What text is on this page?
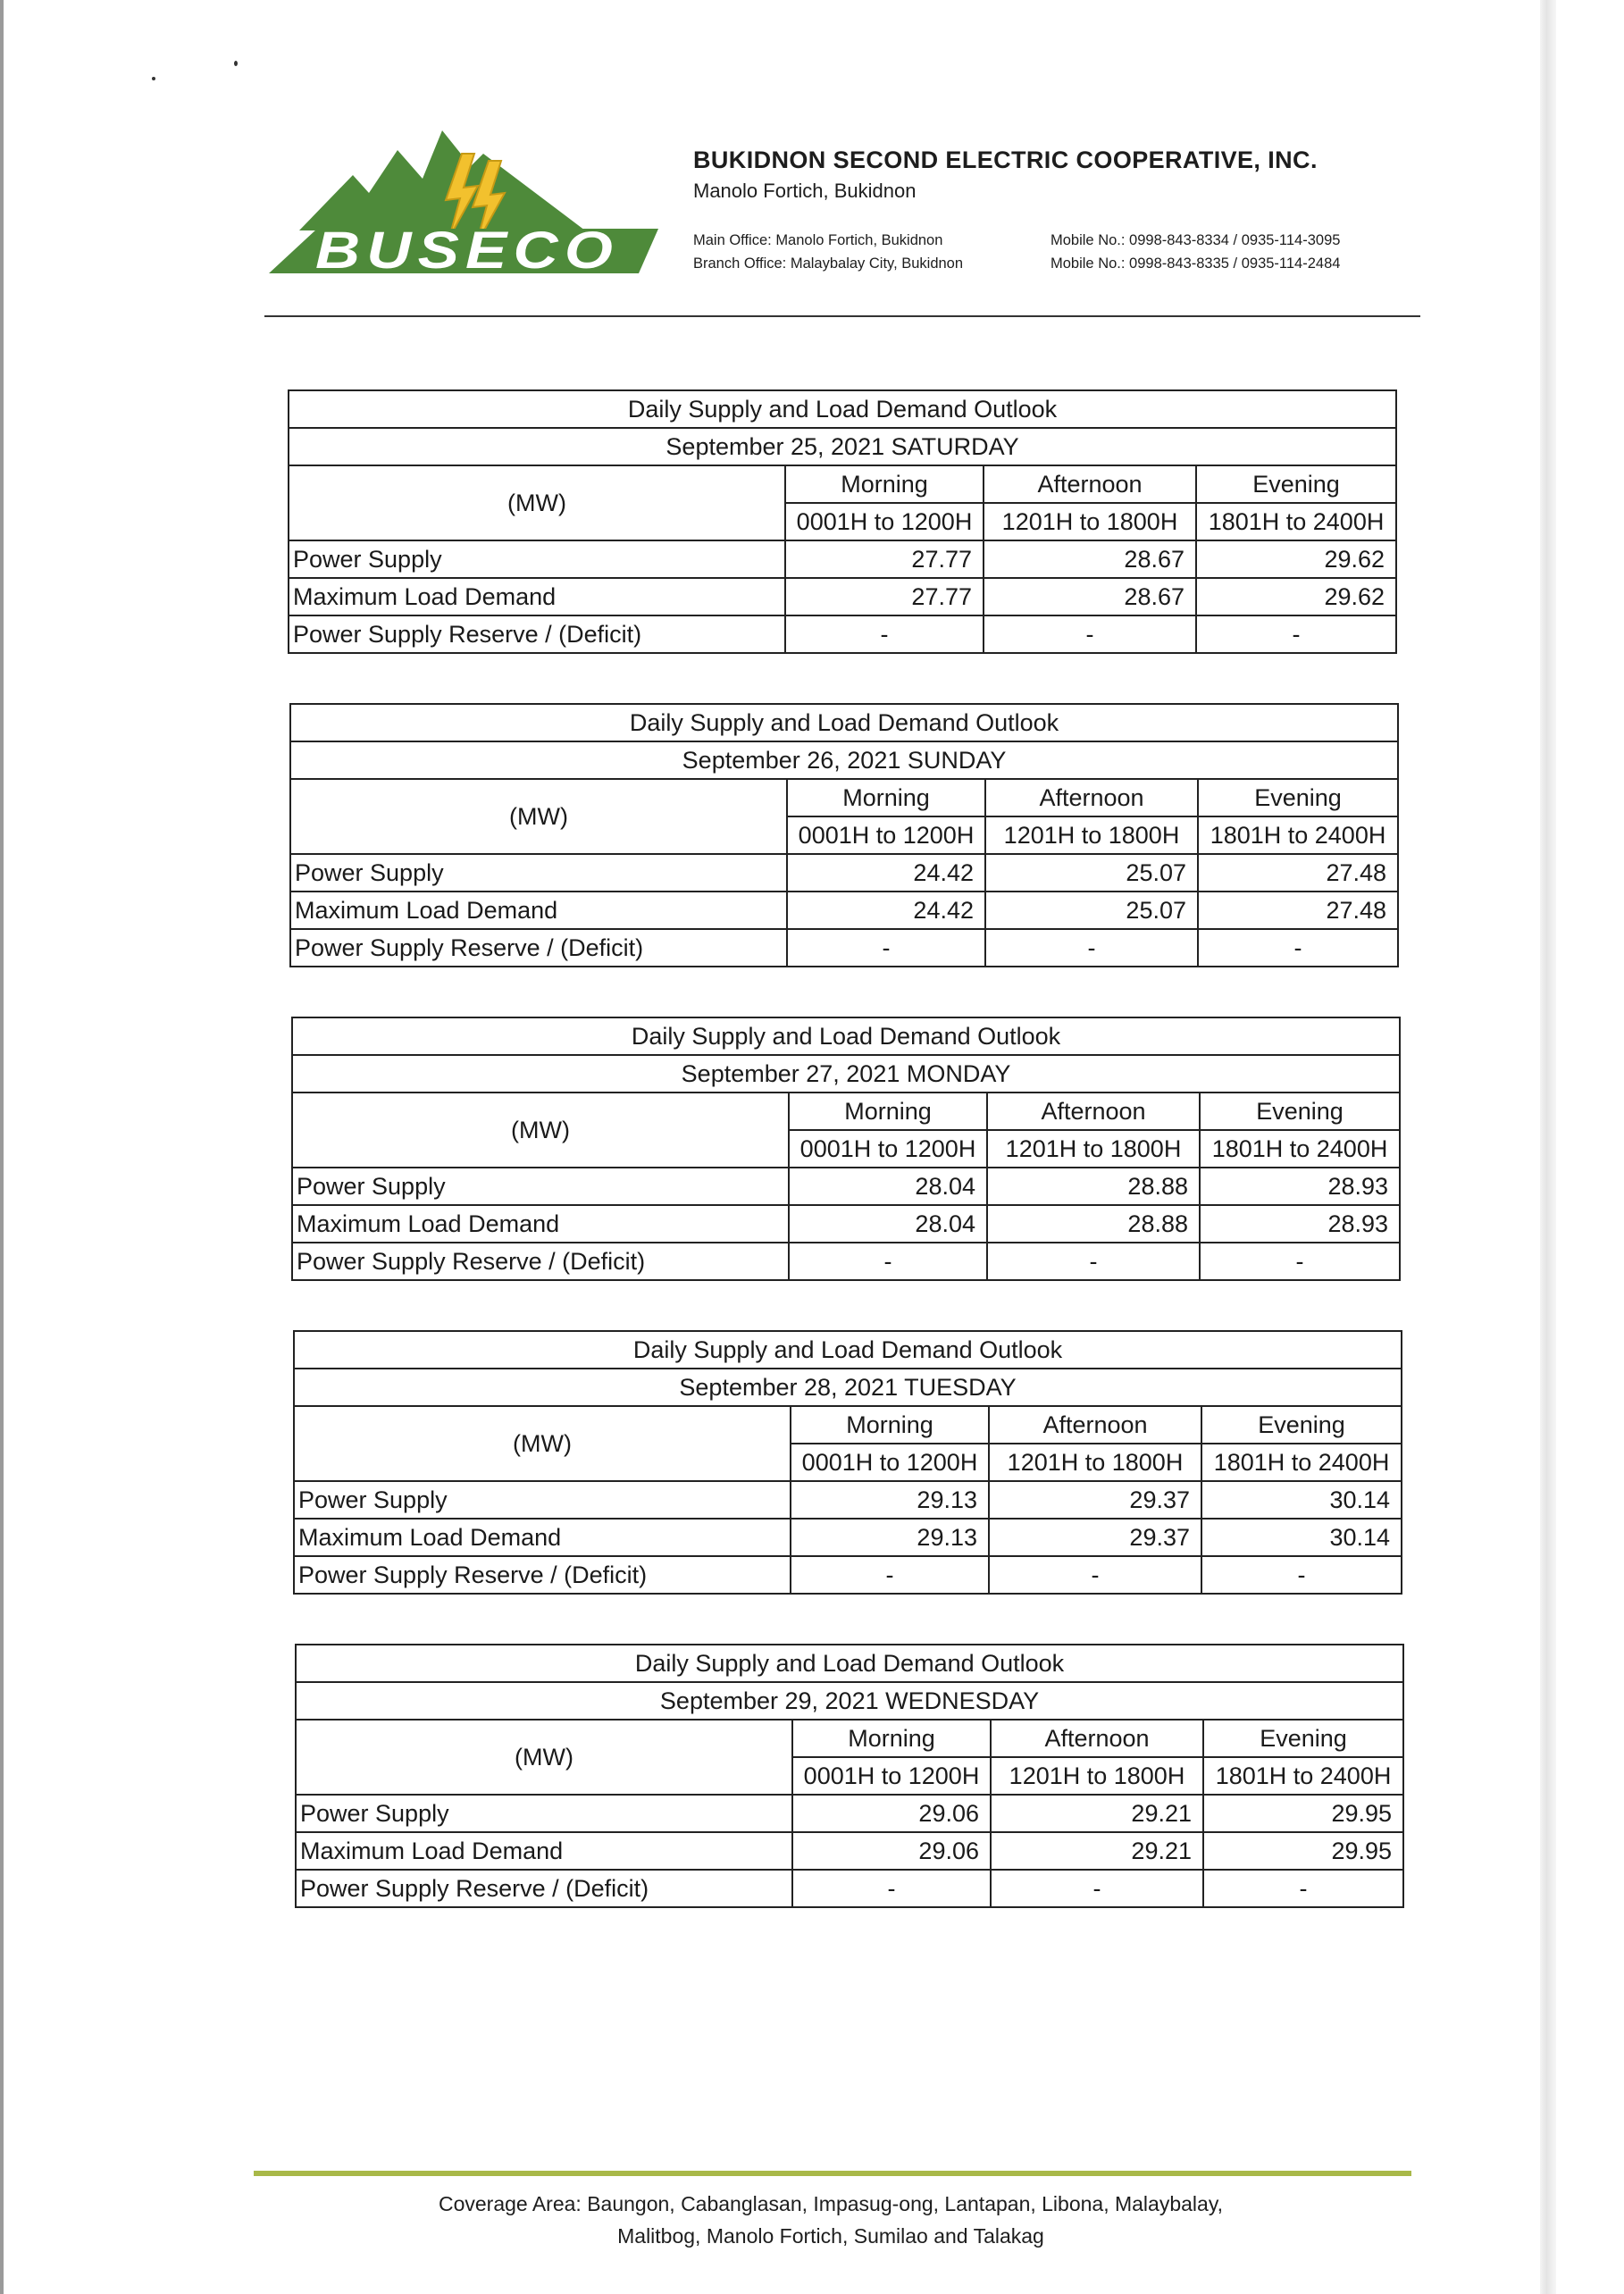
BUSECO
BUKIDNON SECOND ELECTRIC COOPERATIVE, INC.
Manolo Fortich, Bukidnon
Main Office: Manolo Fortich, Bukidnon	Mobile No.: 0998-843-8334 / 0935-114-3095
Branch Office: Malaybalay City, Bukidnon	Mobile No.: 0998-843-8335 / 0935-114-2484
Daily Supply and Load Demand Outlook			
September 25, 2021 SATURDAY			
(MW)	Morning	Afternoon	Evening
	0001H to 1200H	1201H to 1800H	1801H to 2400H
Power Supply	27.77	28.67	29.62
Maximum Load Demand	27.77	28.67	29.62
Power Supply Reserve / (Deficit)	-	-	-
Daily Supply and Load Demand Outlook			
September 26, 2021 SUNDAY			
(MW)	Morning	Afternoon	Evening
	0001H to 1200H	1201H to 1800H	1801H to 2400H
Power Supply	24.42	25.07	27.48
Maximum Load Demand	24.42	25.07	27.48
Power Supply Reserve / (Deficit)	-	-	-
Daily Supply and Load Demand Outlook			
September 27, 2021 MONDAY			
(MW)	Morning	Afternoon	Evening
	0001H to 1200H	1201H to 1800H	1801H to 2400H
Power Supply	28.04	28.88	28.93
Maximum Load Demand	28.04	28.88	28.93
Power Supply Reserve / (Deficit)	-	-	-
Daily Supply and Load Demand Outlook			
September 28, 2021 TUESDAY			
(MW)	Morning	Afternoon	Evening
	0001H to 1200H	1201H to 1800H	1801H to 2400H
Power Supply	29.13	29.37	30.14
Maximum Load Demand	29.13	29.37	30.14
Power Supply Reserve / (Deficit)	-	-	-
Daily Supply and Load Demand Outlook			
September 29, 2021 WEDNESDAY			
(MW)	Morning	Afternoon	Evening
	0001H to 1200H	1201H to 1800H	1801H to 2400H
Power Supply	29.06	29.21	29.95
Maximum Load Demand	29.06	29.21	29.95
Power Supply Reserve / (Deficit)	-	-	-
Coverage Area: Baungon, Cabanglasan, Impasug-ong, Lantapan, Libona, Malaybalay,
Malitbog, Manolo Fortich, Sumilao and Talakag
